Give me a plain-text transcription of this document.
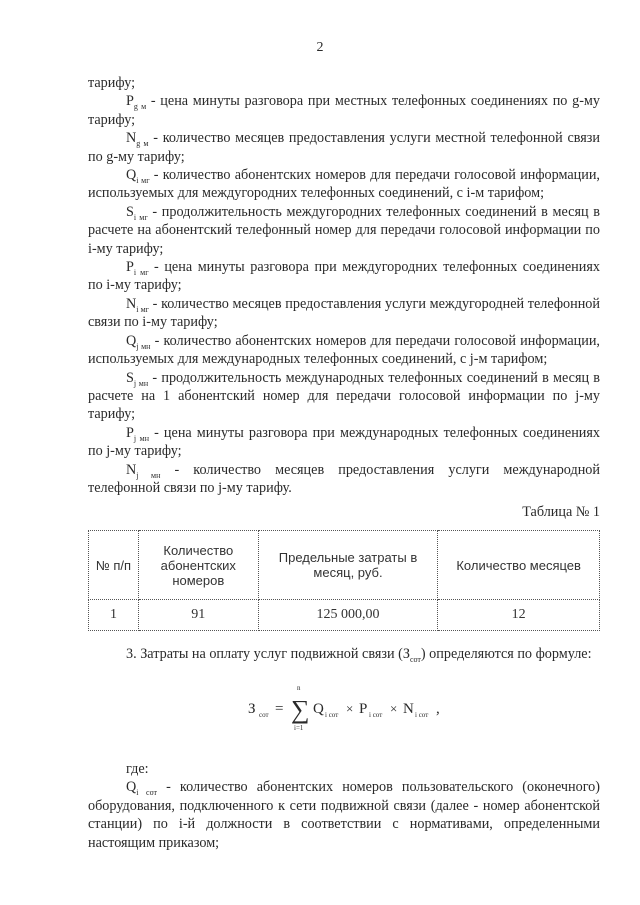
2

тарифу;

$P_{g м}$ - цена минуты разговора при местных телефонных соединениях по g-му тарифу;

$N_{g м}$ - количество месяцев предоставления услуги местной телефонной связи по g-му тарифу;

$Q_{i мг}$ - количество абонентских номеров для передачи голосовой информации, используемых для междугородних телефонных соединений, с i-м тарифом;

$S_{i мг}$ - продолжительность междугородних телефонных соединений в месяц в расчете на абонентский телефонный номер для передачи голосовой информации по i-му тарифу;

$P_{i мг}$ - цена минуты разговора при междугородних телефонных соединениях по i-му тарифу;

$N_{i мг}$ - количество месяцев предоставления услуги междугородней телефонной связи по i-му тарифу;

$Q_{j мн}$ - количество абонентских номеров для передачи голосовой информации, используемых для международных телефонных соединений, с j-м тарифом;

$S_{j мн}$ - продолжительность международных телефонных соединений в месяц в расчете на 1 абонентский номер для передачи голосовой информации по j-му тарифу;

$P_{j мн}$ - цена минуты разговора при международных телефонных соединениях по j-му тарифу;

$N_{j мн}$ - количество месяцев предоставления услуги международной телефонной связи по j-му тарифу.

Таблица № 1

№ п/п	Количество абонентских номеров	Предельные затраты в месяц, руб.	Количество месяцев
1	91	125 000,00	12

3. Затраты на оплату услуг подвижной связи $(З_{сот})$ определяются по формуле:

З сот = ∑
n
i=1
Q i сот × P i сот × N i сот ,

где:

$Q_{i сот}$ - количество абонентских номеров пользовательского (оконечного) оборудования, подключенного к сети подвижной связи (далее - номер абонентской станции) по i-й должности в соответствии с нормативами, определенными настоящим приказом;
